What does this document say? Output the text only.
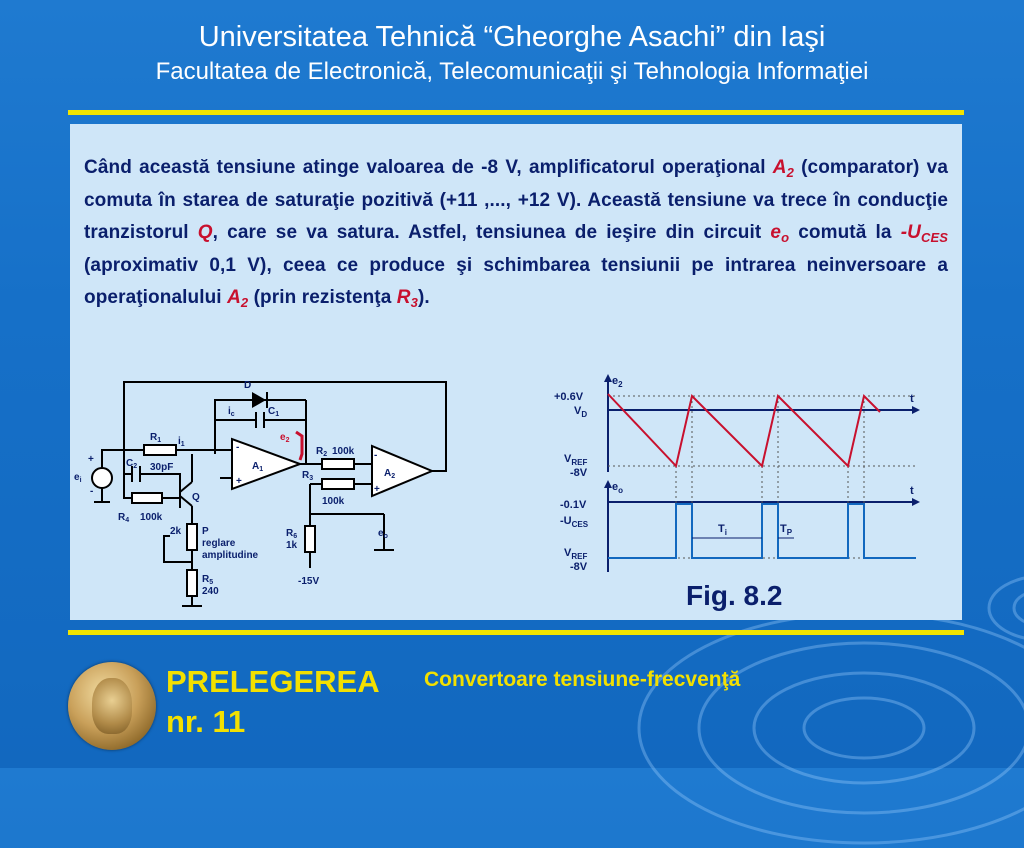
Universitatea Tehnică “Gheorghe Asachi” din Iaşi
Facultatea de Electronică, Telecomunicaţii şi Tehnologia Informaţiei
Când această tensiune atinge valoarea de -8 V, amplificatorul operaţional $A_2$ (comparator) va comuta în starea de saturaţie pozitivă (+11 ,..., +12 V). Această tensiune va trece în conducţie tranzistorul Q, care se va satura. Astfel, tensiunea de ieşire din circuit $e_o$ comută la $-U_{CES}$ (aproximativ 0,1 V), ceea ce produce şi schimbarea tensiunii pe intrarea neinversoare a operaţionalului $A_2$ (prin rezistenţa $R_3$).
D
$i_c$	$C_1$
$R_1$ $i_1$
$e_2$
$R_2$ 100k
$A_1$	$A_2$
$C_2$ 30pF
$R_3$
100k
$e_i$
$R_4$ 100k
Q
2k P
reglare
amplitudine
$R_5$
240
$R_6$
1k
-15V
$e_o$
+
-
-
+
-
+
$e_2$
$e_o$
t
t
+0.6V
$V_D$
$V_{REF}$
-8V
-0.1V
$-U_{CES}$
$V_{REF}$
-8V
$T_i$	$T_P$
Fig. 8.2
PRELEGEREA
nr. 11
Convertoare tensiune-frecvenţă
